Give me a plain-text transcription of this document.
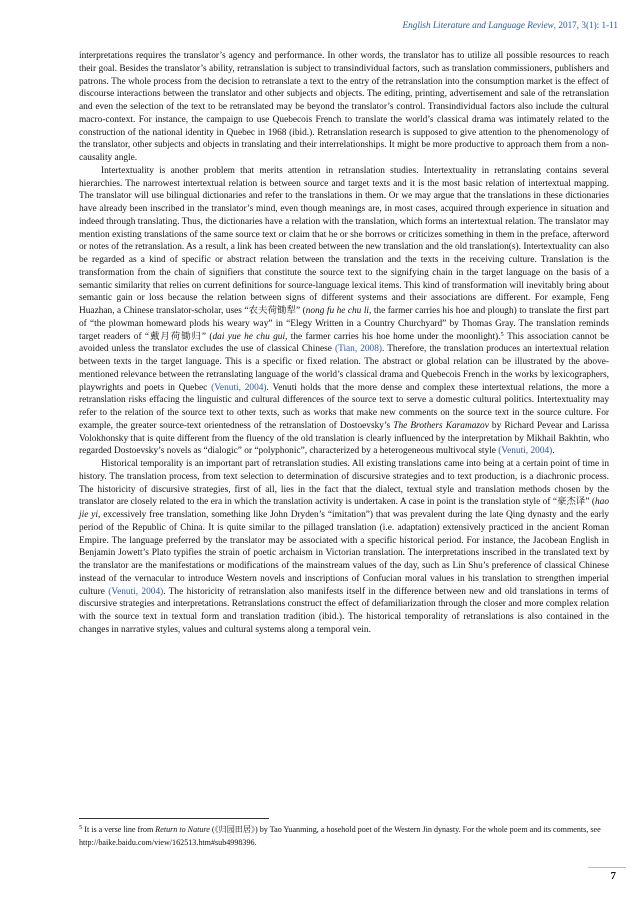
English Literature and Language Review, 2017, 3(1): 1-11

interpretations requires the translator’s agency and performance. In other words, the translator has to utilize all possible resources to reach their goal. Besides the translator’s ability, retranslation is subject to transindividual factors, such as translation commissioners, publishers and patrons. The whole process from the decision to retranslate a text to the entry of the retranslation into the consumption market is the effect of discourse interactions between the translator and other subjects and objects. The editing, printing, advertisement and sale of the retranslation and even the selection of the text to be retranslated may be beyond the translator’s control. Transindividual factors also include the cultural macro-context. For instance, the campaign to use Quebecois French to translate the world’s classical drama was intimately related to the construction of the national identity in Quebec in 1968 (ibid.). Retranslation research is supposed to give attention to the phenomenology of the translator, other subjects and objects in translating and their interrelationships. It might be more productive to approach them from a non-causality angle.

Intertextuality is another problem that merits attention in retranslation studies. Intertextuality in retranslating contains several hierarchies. The narrowest intertextual relation is between source and target texts and it is the most basic relation of intertextual mapping. The translator will use bilingual dictionaries and refer to the translations in them. Or we may argue that the translations in these dictionaries have already been inscribed in the translator’s mind, even though meanings are, in most cases, acquired through experience in situation and indeed through translating. Thus, the dictionaries have a relation with the translation, which forms an intertextual relation. The translator may mention existing translations of the same source text or claim that he or she borrows or criticizes something in them in the preface, afterword or notes of the retranslation. As a result, a link has been created between the new translation and the old translation(s). Intertextuality can also be regarded as a kind of specific or abstract relation between the translation and the texts in the receiving culture. Translation is the transformation from the chain of signifiers that constitute the source text to the signifying chain in the target language on the basis of a semantic similarity that relies on current definitions for source-language lexical items. This kind of transformation will inevitably bring about semantic gain or loss because the relation between signs of different systems and their associations are different. For example, Feng Huazhan, a Chinese translator-scholar, uses “农夫荷锄犁” (nong fu he chu li, the farmer carries his hoe and plough) to translate the first part of “the plowman homeward plods his weary way” in “Elegy Written in a Country Churchyard” by Thomas Gray. The translation reminds target readers of “戴月荷锄归” (dai yue he chu gui, the farmer carries his hoe home under the moonlight).$^5$ This association cannot be avoided unless the translator excludes the use of classical Chinese (Tian, 2008). Therefore, the translation produces an intertextual relation between texts in the target language. This is a specific or fixed relation. The abstract or global relation can be illustrated by the above-mentioned relevance between the retranslating language of the world’s classical drama and Quebecois French in the works by lexicographers, playwrights and poets in Quebec (Venuti, 2004). Venuti holds that the more dense and complex these intertextual relations, the more a retranslation risks effacing the linguistic and cultural differences of the source text to serve a domestic cultural politics. Intertextuality may refer to the relation of the source text to other texts, such as works that make new comments on the source text in the source culture. For example, the greater source-text orientedness of the retranslation of Dostoevsky’s The Brothers Karamazov by Richard Pevear and Larissa Volokhonsky that is quite different from the fluency of the old translation is clearly influenced by the interpretation by Mikhail Bakhtin, who regarded Dostoevsky’s novels as “dialogic” or “polyphonic”, characterized by a heterogeneous multivocal style (Venuti, 2004).

Historical temporality is an important part of retranslation studies. All existing translations came into being at a certain point of time in history. The translation process, from text selection to determination of discursive strategies and to text production, is a diachronic process. The historicity of discursive strategies, first of all, lies in the fact that the dialect, textual style and translation methods chosen by the translator are closely related to the era in which the translation activity is undertaken. A case in point is the translation style of “豪杰译” (hao jie yi, excessively free translation, something like John Dryden’s “imitation”) that was prevalent during the late Qing dynasty and the early period of the Republic of China. It is quite similar to the pillaged translation (i.e. adaptation) extensively practiced in the ancient Roman Empire. The language preferred by the translator may be associated with a specific historical period. For instance, the Jacobean English in Benjamin Jowett’s Plato typifies the strain of poetic archaism in Victorian translation. The interpretations inscribed in the translated text by the translator are the manifestations or modifications of the mainstream values of the day, such as Lin Shu’s preference of classical Chinese instead of the vernacular to introduce Western novels and inscriptions of Confucian moral values in his translation to strengthen imperial culture (Venuti, 2004). The historicity of retranslation also manifests itself in the difference between new and old translations in terms of discursive strategies and interpretations. Retranslations construct the effect of defamiliarization through the closer and more complex relation with the source text in textual form and translation tradition (ibid.). The historical temporality of retranslations is also contained in the changes in narrative styles, values and cultural systems along a temporal vein.

$^5$ It is a verse line from Return to Nature (《归园田居》) by Tao Yuanming, a hosehold poet of the Western Jin dynasty. For the whole poem and its comments, see http://baike.baidu.com/view/162513.htm#sub4998396.
7
